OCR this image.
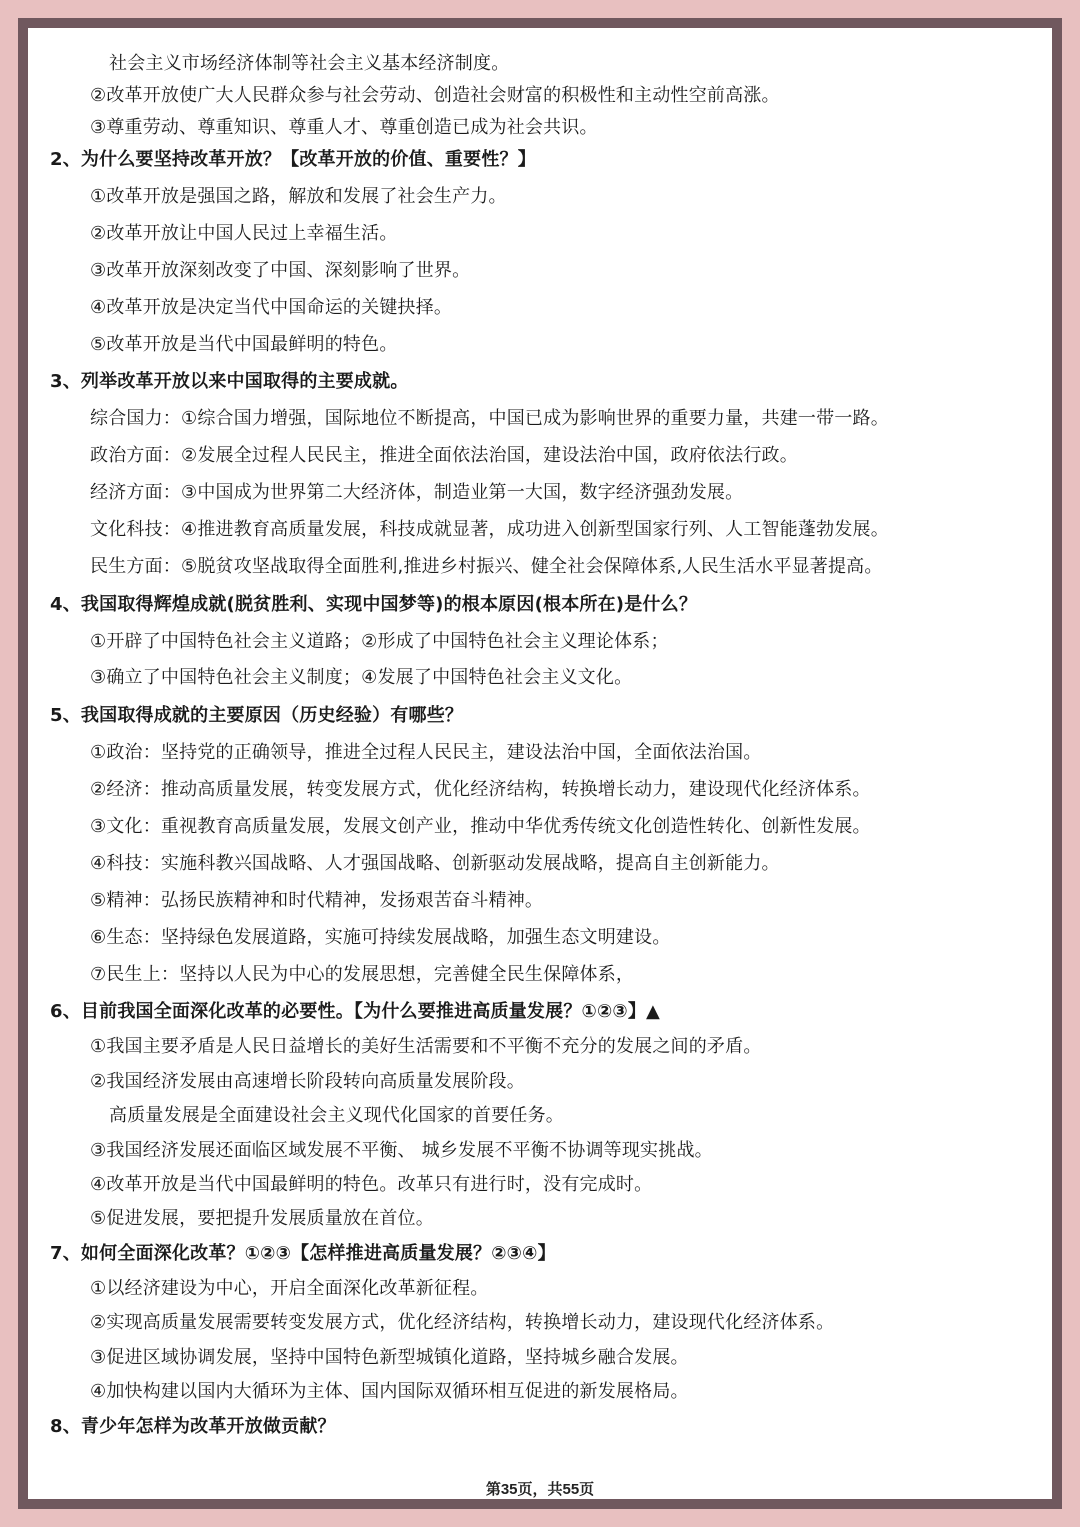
社会主义市场经济体制等社会主义基本经济制度。
②改革开放使广大人民群众参与社会劳动、创造社会财富的积极性和主动性空前高涨。
③尊重劳动、尊重知识、尊重人才、尊重创造已成为社会共识。
2、为什么要坚持改革开放？【改革开放的价值、重要性？】
①改革开放是强国之路，解放和发展了社会生产力。
②改革开放让中国人民过上幸福生活。
③改革开放深刻改变了中国、深刻影响了世界。
④改革开放是决定当代中国命运的关键抉择。
⑤改革开放是当代中国最鲜明的特色。
3、列举改革开放以来中国取得的主要成就。
综合国力：①综合国力增强，国际地位不断提高，中国已成为影响世界的重要力量，共建一带一路。
政治方面：②发展全过程人民民主，推进全面依法治国，建设法治中国，政府依法行政。
经济方面：③中国成为世界第二大经济体，制造业第一大国，数字经济强劲发展。
文化科技：④推进教育高质量发展，科技成就显著，成功进入创新型国家行列、人工智能蓬勃发展。
民生方面：⑤脱贫攻坚战取得全面胜利,推进乡村振兴、健全社会保障体系,人民生活水平显著提高。
4、我国取得辉煌成就(脱贫胜利、实现中国梦等)的根本原因(根本所在)是什么？
①开辟了中国特色社会主义道路；②形成了中国特色社会主义理论体系；
③确立了中国特色社会主义制度；④发展了中国特色社会主义文化。
5、我国取得成就的主要原因（历史经验）有哪些？
①政治：坚持党的正确领导，推进全过程人民民主，建设法治中国，全面依法治国。
②经济：推动高质量发展，转变发展方式，优化经济结构，转换增长动力，建设现代化经济体系。
③文化：重视教育高质量发展，发展文创产业，推动中华优秀传统文化创造性转化、创新性发展。
④科技：实施科教兴国战略、人才强国战略、创新驱动发展战略，提高自主创新能力。
⑤精神：弘扬民族精神和时代精神，发扬艰苦奋斗精神。
⑥生态：坚持绿色发展道路，实施可持续发展战略，加强生态文明建设。
⑦民生上：坚持以人民为中心的发展思想，完善健全民生保障体系，
6、目前我国全面深化改革的必要性。【为什么要推进高质量发展？①②③】▲
①我国主要矛盾是人民日益增长的美好生活需要和不平衡不充分的发展之间的矛盾。
②我国经济发展由高速增长阶段转向高质量发展阶段。
高质量发展是全面建设社会主义现代化国家的首要任务。
③我国经济发展还面临区域发展不平衡、 城乡发展不平衡不协调等现实挑战。
④改革开放是当代中国最鲜明的特色。改革只有进行时，没有完成时。
⑤促进发展，要把提升发展质量放在首位。
7、如何全面深化改革？①②③【怎样推进高质量发展？②③④】
①以经济建设为中心，开启全面深化改革新征程。
②实现高质量发展需要转变发展方式，优化经济结构，转换增长动力，建设现代化经济体系。
③促进区域协调发展，坚持中国特色新型城镇化道路，坚持城乡融合发展。
④加快构建以国内大循环为主体、国内国际双循环相互促进的新发展格局。
8、青少年怎样为改革开放做贡献？
第35页，共55页
